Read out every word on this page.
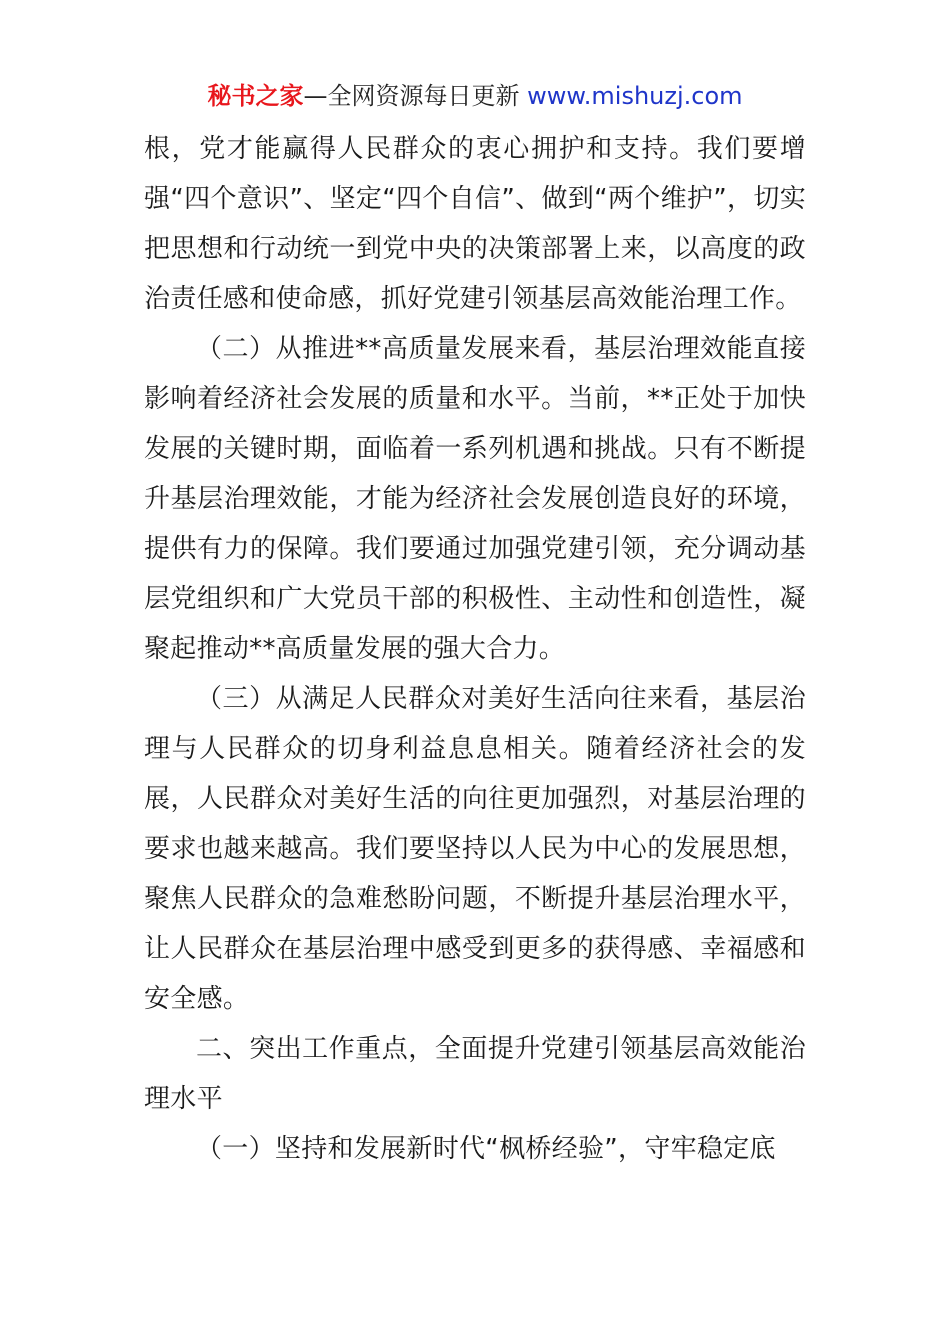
秘书之家—全网资源每日更新 www.mishuzj.com

根，党才能赢得人民群众的衷心拥护和支持。我们要增强“四个意识”、坚定“四个自信”、做到“两个维护”，切实把思想和行动统一到党中央的决策部署上来，以高度的政治责任感和使命感，抓好党建引领基层高效能治理工作。

（二）从推进**高质量发展来看，基层治理效能直接影响着经济社会发展的质量和水平。当前，**正处于加快发展的关键时期，面临着一系列机遇和挑战。只有不断提升基层治理效能，才能为经济社会发展创造良好的环境，提供有力的保障。我们要通过加强党建引领，充分调动基层党组织和广大党员干部的积极性、主动性和创造性，凝聚起推动**高质量发展的强大合力。

（三）从满足人民群众对美好生活向往来看，基层治理与人民群众的切身利益息息相关。随着经济社会的发展，人民群众对美好生活的向往更加强烈，对基层治理的要求也越来越高。我们要坚持以人民为中心的发展思想，聚焦人民群众的急难愁盼问题，不断提升基层治理水平，让人民群众在基层治理中感受到更多的获得感、幸福感和安全感。

二、突出工作重点，全面提升党建引领基层高效能治理水平

（一）坚持和发展新时代“枫桥经验”，守牢稳定底
